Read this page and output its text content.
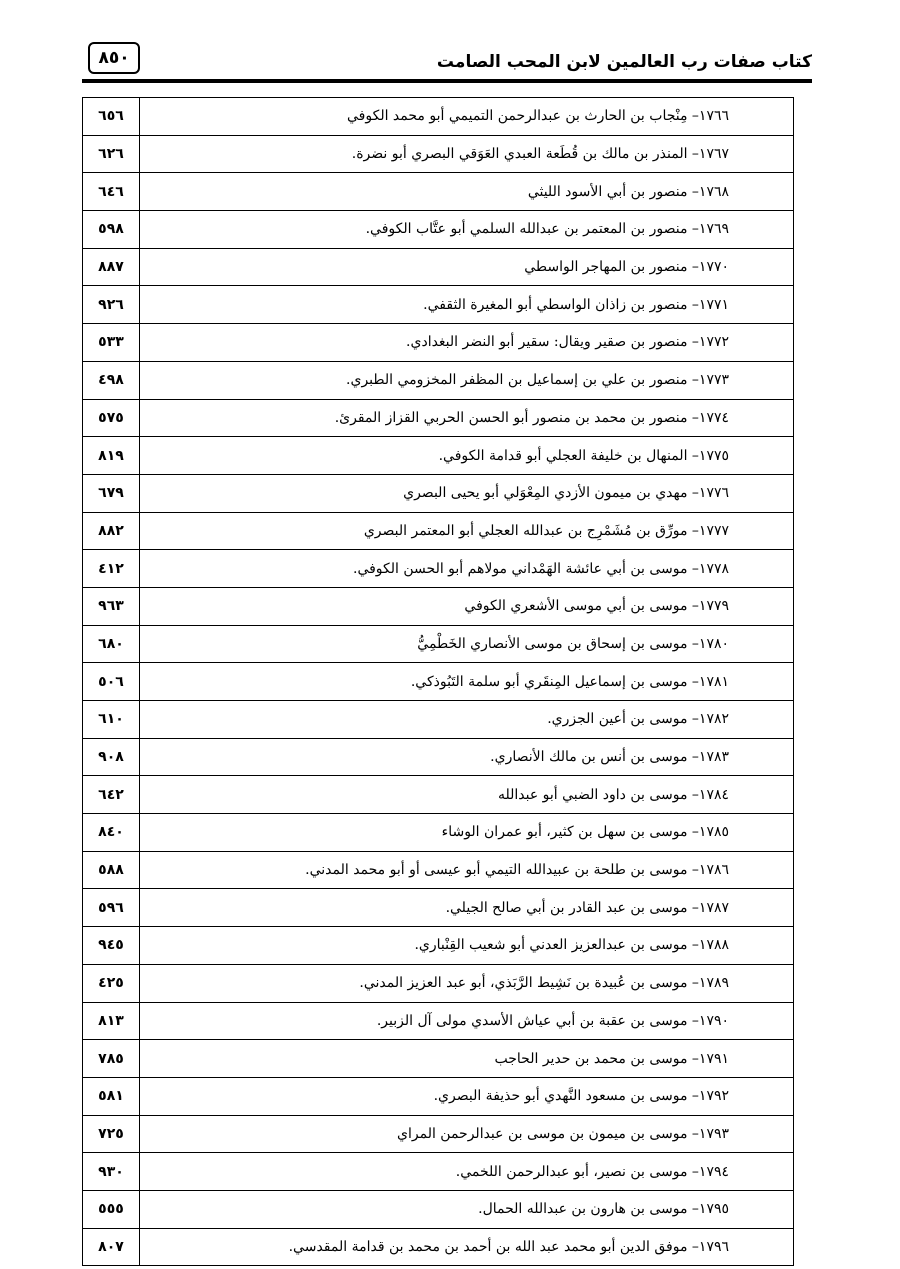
٨٥٠	كتاب صفات رب العالمين لابن المحب الصامت
٦٥٦	١٧٦٦– مِنْجاب بن الحارث بن عبدالرحمن التميمي أبو محمد الكوفي
٦٢٦	١٧٦٧– المنذر بن مالك بن قُطَعة العبدي العَوَقي البصري أبو نضرة.
٦٤٦	١٧٦٨– منصور بن أبي الأسود الليثي
٥٩٨	١٧٦٩– منصور بن المعتمر بن عبدالله السلمي أبو عتَّاب الكوفي.
٨٨٧	١٧٧٠– منصور بن المهاجر الواسطي
٩٢٦	١٧٧١– منصور بن زاذان الواسطي أبو المغيرة الثقفي.
٥٣٣	١٧٧٢– منصور بن صقير ويقال: سقير أبو النضر البغدادي.
٤٩٨	١٧٧٣– منصور بن علي بن إسماعيل بن المظفر المخزومي الطبري.
٥٧٥	١٧٧٤– منصور بن محمد بن منصور أبو الحسن الحربي القزاز المقرئ.
٨١٩	١٧٧٥– المنهال بن خليفة العجلي أبو قدامة الكوفي.
٦٧٩	١٧٧٦– مهدي بن ميمون الأزدي المِعْوَلي أبو يحيى البصري
٨٨٢	١٧٧٧– مورِّق بن مُشَمْرِج بن عبدالله العجلي أبو المعتمر البصري
٤١٢	١٧٧٨– موسى بن أبي عائشة الهَمْداني مولاهم أبو الحسن الكوفي.
٩٦٣	١٧٧٩– موسى بن أبي موسى الأشعري الكوفي
٦٨٠	١٧٨٠– موسى بن إسحاق بن موسى الأنصاري الخَطْمِيُّ
٥٠٦	١٧٨١– موسى بن إسماعيل المِنقَري أبو سلمة التَبُوذكي.
٦١٠	١٧٨٢– موسى بن أعين الجزري.
٩٠٨	١٧٨٣– موسى بن أنس بن مالك الأنصاري.
٦٤٢	١٧٨٤– موسى بن داود الضبي أبو عبدالله
٨٤٠	١٧٨٥– موسى بن سهل بن كثير، أبو عمران الوشاء
٥٨٨	١٧٨٦– موسى بن طلحة بن عبيدالله التيمي أبو عيسى أو أبو محمد المدني.
٥٩٦	١٧٨٧– موسى بن عبد القادر بن أبي صالح الجيلي.
٩٤٥	١٧٨٨– موسى بن عبدالعزيز العدني أبو شعيب القِنْباري.
٤٢٥	١٧٨٩– موسى بن عُبيدة بن نَشِيط الرَّبَذي، أبو عبد العزيز المدني.
٨١٣	١٧٩٠– موسى بن عقبة بن أبي عياش الأسدي مولى آل الزبير.
٧٨٥	١٧٩١– موسى بن محمد بن حدير الحاجب
٥٨١	١٧٩٢– موسى بن مسعود النَّهدي أبو حذيفة البصري.
٧٢٥	١٧٩٣– موسى بن ميمون بن موسى بن عبدالرحمن المراي
٩٣٠	١٧٩٤– موسى بن نصير، أبو عبدالرحمن اللخمي.
٥٥٥	١٧٩٥– موسى بن هارون بن عبدالله الحمال.
٨٠٧	١٧٩٦– موفق الدين أبو محمد عبد الله بن أحمد بن محمد بن قدامة المقدسي.
